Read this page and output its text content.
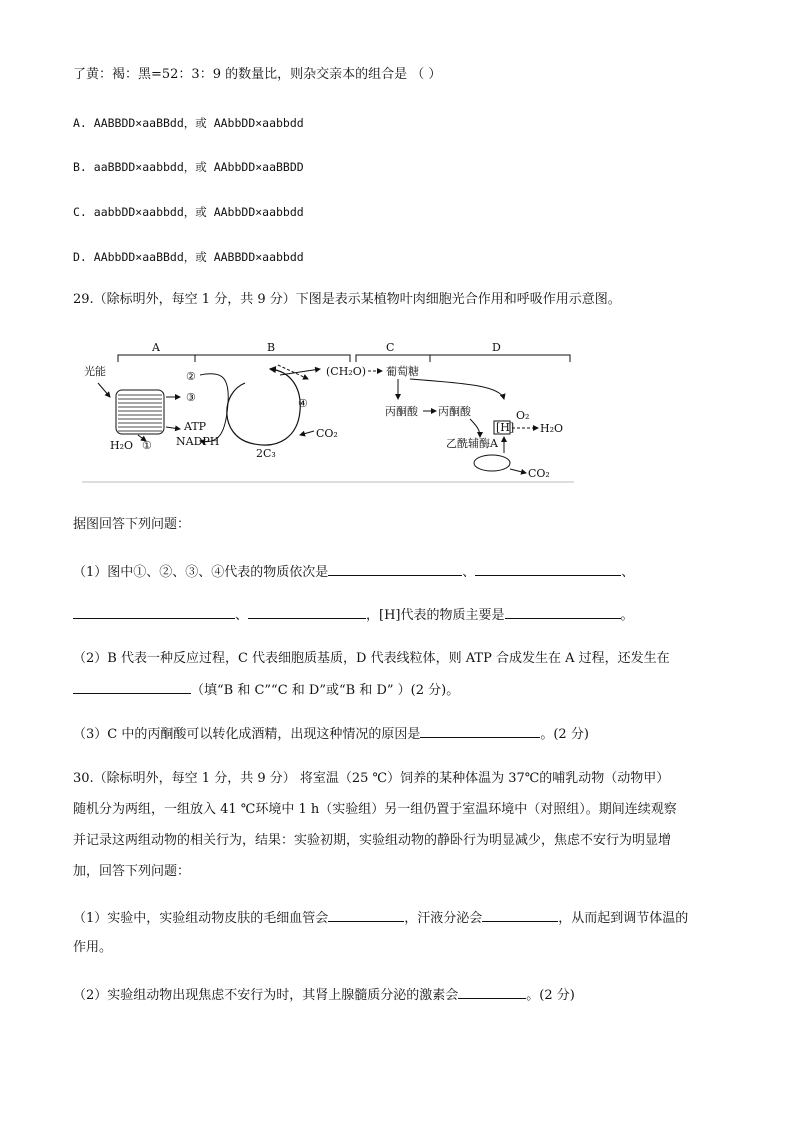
了黄：褐：黑=52：3：9 的数量比，则杂交亲本的组合是 （ ）
A. AABBDD×aaBBdd，或 AAbbDD×aabbdd
B. aaBBDD×aabbdd，或 AAbbDD×aaBBDD
C. aabbDD×aabbdd，或 AAbbDD×aabbdd
D. AAbbDD×aaBBdd，或 AABBDD×aabbdd
29.（除标明外，每空 1 分，共 9 分）下图是表示某植物叶肉细胞光合作用和呼吸作用示意图。
A	B	C	D
光能
H₂O ①
②
③
ATP
NADPH
④
2C₃
CO₂
(CH₂O) 葡萄糖
丙酮酸 丙酮酸
[H]
O₂
H₂O
乙酰辅酶A
CO₂
据图回答下列问题：
（1）图中①、②、③、④代表的物质依次是	、	、
、	，[H]代表的物质主要是	。
（2）B 代表一种反应过程，C 代表细胞质基质，D 代表线粒体，则 ATP 合成发生在 A 过程，还发生在
（填“B 和 C”“C 和 D”或“B 和 D” ）(2 分)。
（3）C 中的丙酮酸可以转化成酒精，出现这种情况的原因是	。(2 分)
30.（除标明外，每空 1 分，共 9 分） 将室温（25 ℃）饲养的某种体温为 37℃的哺乳动物（动物甲）
随机分为两组，一组放入 41 ℃环境中 1 h（实验组）另一组仍置于室温环境中（对照组）。期间连续观察
并记录这两组动物的相关行为，结果：实验初期，实验组动物的静卧行为明显减少，焦虑不安行为明显增
加，回答下列问题：
（1）实验中，实验组动物皮肤的毛细血管会	，汗液分泌会	，从而起到调节体温的
作用。
（2）实验组动物出现焦虑不安行为时，其肾上腺髓质分泌的激素会	。(2 分)
